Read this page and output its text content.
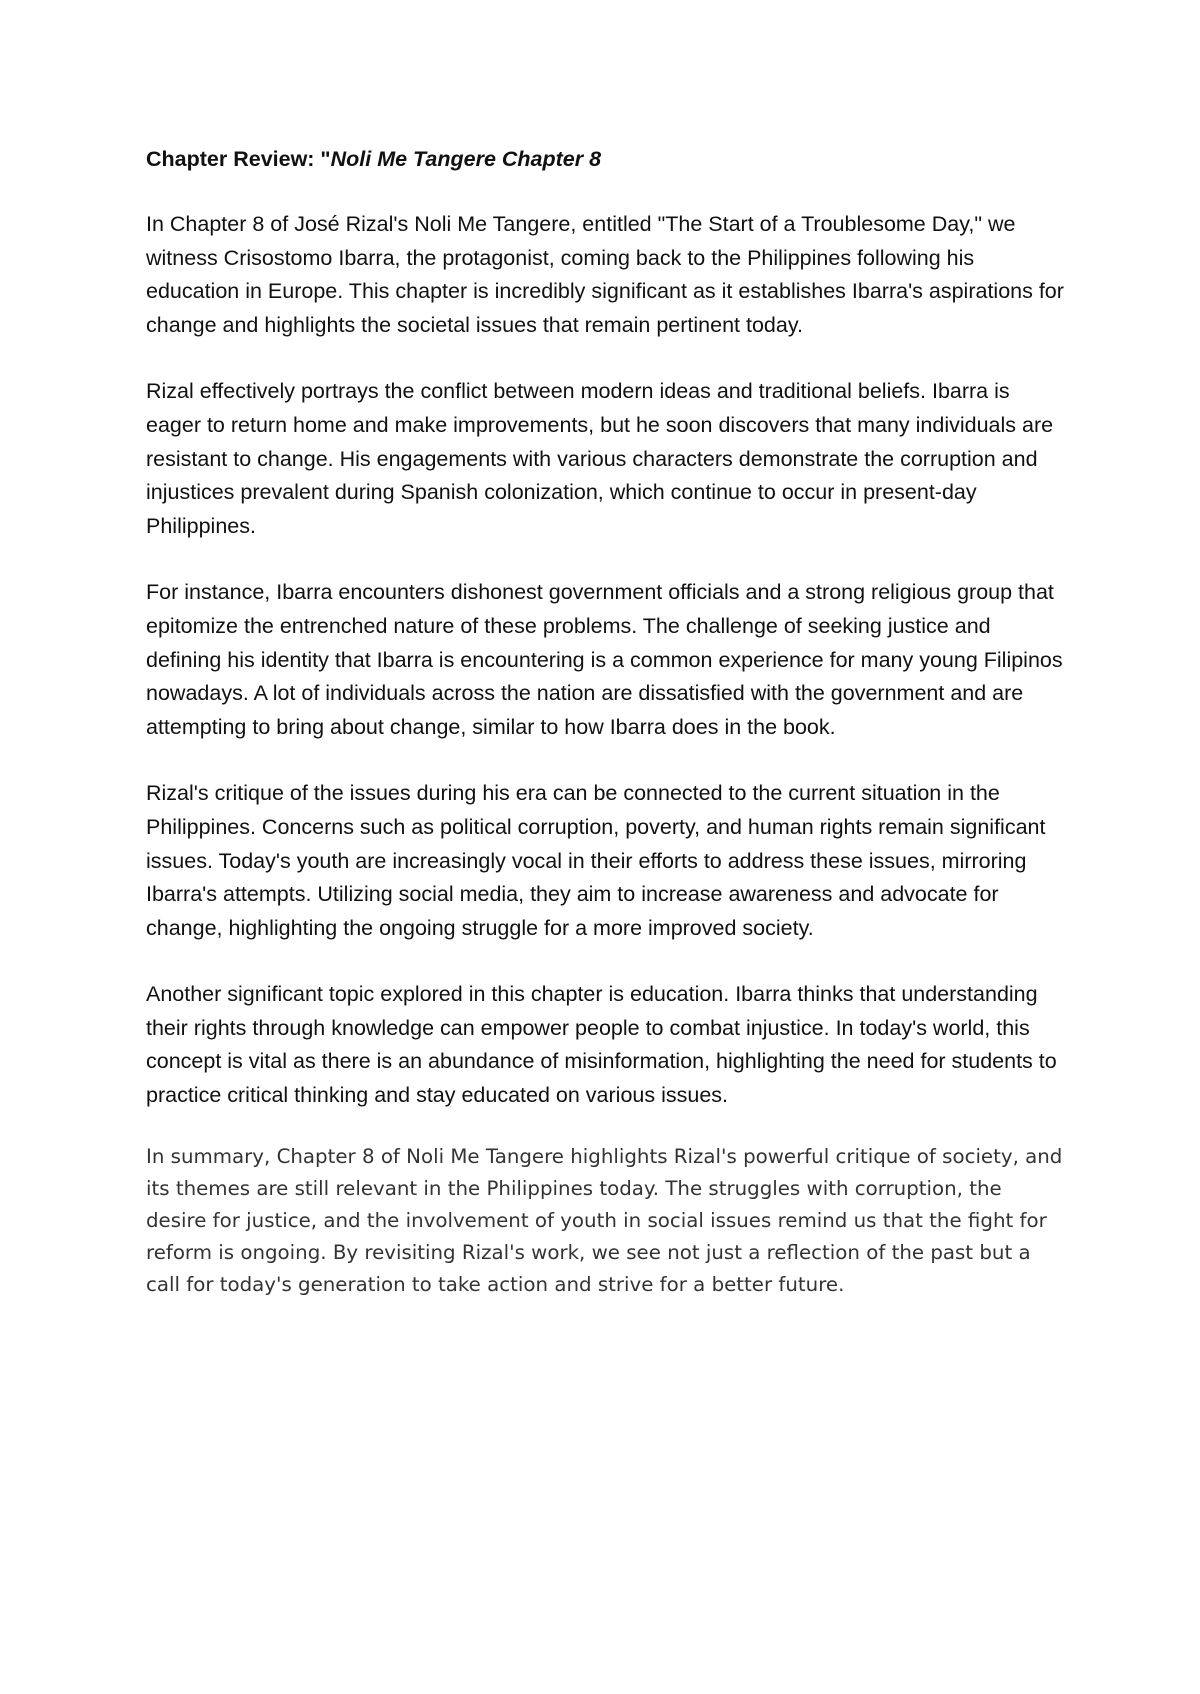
Chapter Review: "Noli Me Tangere Chapter 8

In Chapter 8 of José Rizal's Noli Me Tangere, entitled "The Start of a Troublesome Day," we witness Crisostomo Ibarra, the protagonist, coming back to the Philippines following his education in Europe. This chapter is incredibly significant as it establishes Ibarra's aspirations for change and highlights the societal issues that remain pertinent today.

Rizal effectively portrays the conflict between modern ideas and traditional beliefs. Ibarra is eager to return home and make improvements, but he soon discovers that many individuals are resistant to change. His engagements with various characters demonstrate the corruption and injustices prevalent during Spanish colonization, which continue to occur in present-day Philippines.

For instance, Ibarra encounters dishonest government officials and a strong religious group that epitomize the entrenched nature of these problems. The challenge of seeking justice and defining his identity that Ibarra is encountering is a common experience for many young Filipinos nowadays. A lot of individuals across the nation are dissatisfied with the government and are attempting to bring about change, similar to how Ibarra does in the book.

Rizal's critique of the issues during his era can be connected to the current situation in the Philippines. Concerns such as political corruption, poverty, and human rights remain significant issues. Today's youth are increasingly vocal in their efforts to address these issues, mirroring Ibarra's attempts. Utilizing social media, they aim to increase awareness and advocate for change, highlighting the ongoing struggle for a more improved society.

Another significant topic explored in this chapter is education. Ibarra thinks that understanding their rights through knowledge can empower people to combat injustice. In today's world, this concept is vital as there is an abundance of misinformation, highlighting the need for students to practice critical thinking and stay educated on various issues.

In summary, Chapter 8 of Noli Me Tangere highlights Rizal's powerful critique of society, and its themes are still relevant in the Philippines today. The struggles with corruption, the desire for justice, and the involvement of youth in social issues remind us that the fight for reform is ongoing. By revisiting Rizal's work, we see not just a reflection of the past but a call for today's generation to take action and strive for a better future.
